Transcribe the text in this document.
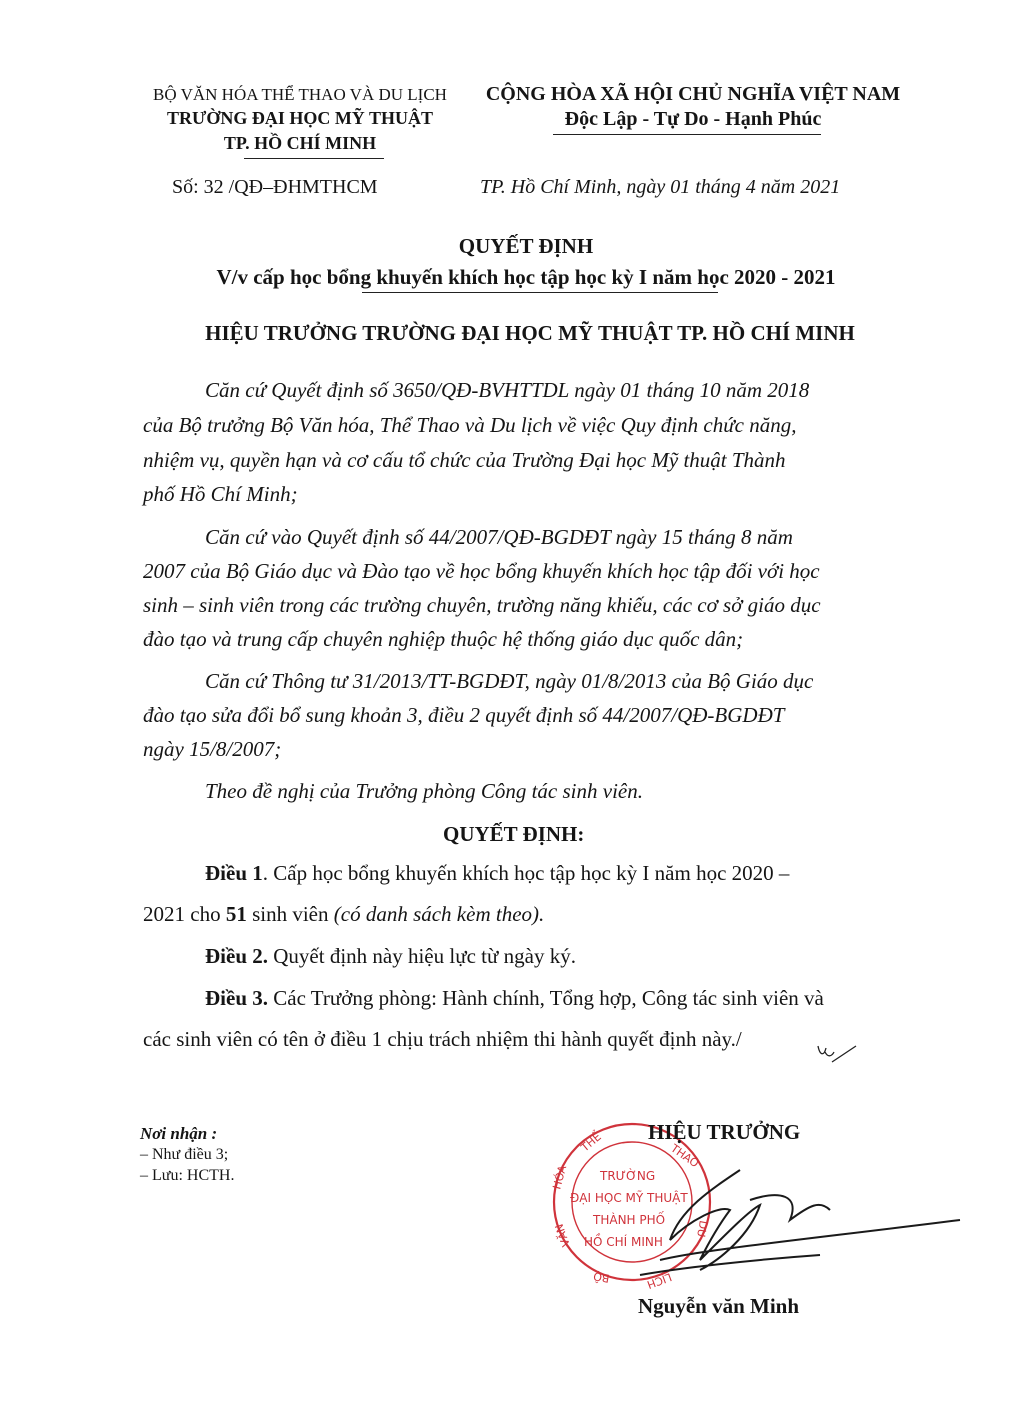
BỘ VĂN HÓA THỂ THAO VÀ DU LỊCH
TRƯỜNG ĐẠI HỌC MỸ THUẬT
TP. HỒ CHÍ MINH
CỘNG HÒA XÃ HỘI CHỦ NGHĨA VIỆT NAM
Độc Lập - Tự Do - Hạnh Phúc
Số: 32 /QĐ–ĐHMTHCM	TP. Hồ Chí Minh, ngày 01 tháng 4 năm 2021
QUYẾT ĐỊNH
V/v cấp học bổng khuyến khích học tập học kỳ I năm học 2020 - 2021
HIỆU TRƯỞNG TRƯỜNG ĐẠI HỌC MỸ THUẬT TP. HỒ CHÍ MINH
Căn cứ Quyết định số 3650/QĐ-BVHTTDL ngày 01 tháng 10 năm 2018
của Bộ trưởng Bộ Văn hóa, Thể Thao và Du lịch về việc Quy định chức năng,
nhiệm vụ, quyền hạn và cơ cấu tổ chức của Trường Đại học Mỹ thuật Thành
phố Hồ Chí Minh;
Căn cứ vào Quyết định số 44/2007/QĐ-BGDĐT ngày 15 tháng 8 năm
2007 của Bộ Giáo dục và Đào tạo về học bổng khuyến khích học tập đối với học
sinh – sinh viên trong các trường chuyên, trường năng khiếu, các cơ sở giáo dục
đào tạo và trung cấp chuyên nghiệp thuộc hệ thống giáo dục quốc dân;
Căn cứ Thông tư 31/2013/TT-BGDĐT, ngày 01/8/2013 của Bộ Giáo dục
đào tạo sửa đổi bổ sung khoản 3, điều 2 quyết định số 44/2007/QĐ-BGDĐT
ngày 15/8/2007;
Theo đề nghị của Trưởng phòng Công tác sinh viên.
QUYẾT ĐỊNH:
Điều 1. Cấp học bổng khuyến khích học tập học kỳ I năm học 2020 –
2021 cho 51 sinh viên (có danh sách kèm theo).
Điều 2. Quyết định này hiệu lực từ ngày ký.
Điều 3. Các Trưởng phòng: Hành chính, Tổng hợp, Công tác sinh viên và
các sinh viên có tên ở điều 1 chịu trách nhiệm thi hành quyết định này./
Nơi nhận :
– Như điều 3;
– Lưu: HCTH.
THỂ	THAO
HÓA
VĂN
BỘ	LỊCH
DU
TRƯỜNG
ĐẠI HỌC MỸ THUẬT
THÀNH PHỐ
HỒ CHÍ MINH
HIỆU TRƯỞNG
Nguyễn văn Minh
